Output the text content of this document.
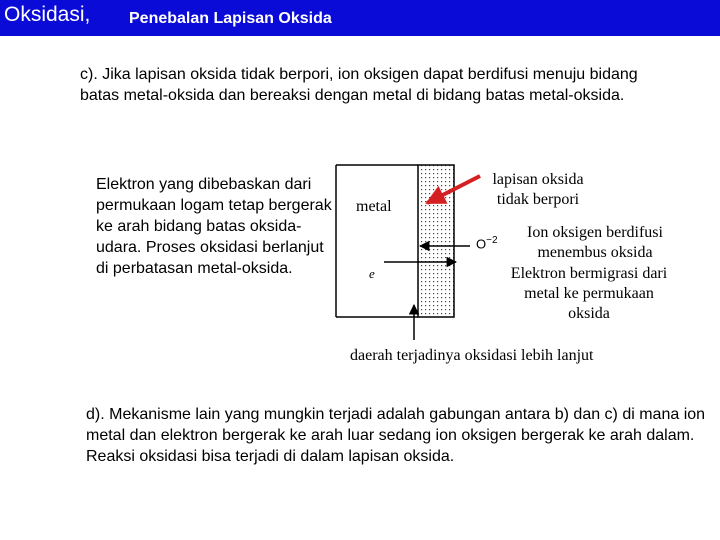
Oksidasi, Penebalan Lapisan Oksida
c). Jika lapisan oksida tidak berpori, ion oksigen dapat berdifusi menuju bidang batas metal-oksida dan bereaksi dengan metal di bidang batas metal-oksida.
Elektron yang dibebaskan dari permukaan logam tetap bergerak ke arah bidang batas oksida-udara. Proses oksidasi berlanjut di perbatasan metal-oksida.
metal
e
lapisan oksida
tidak berpori
$O^{-2}$	Ion oksigen berdifusi
menembus oksida
Elektron bermigrasi dari
metal ke permukaan
oksida
daerah terjadinya oksidasi lebih lanjut
d). Mekanisme lain yang mungkin terjadi adalah gabungan antara b) dan c) di mana ion metal dan elektron bergerak ke arah luar sedang ion oksigen bergerak ke arah dalam. Reaksi oksidasi bisa terjadi di dalam lapisan oksida.
